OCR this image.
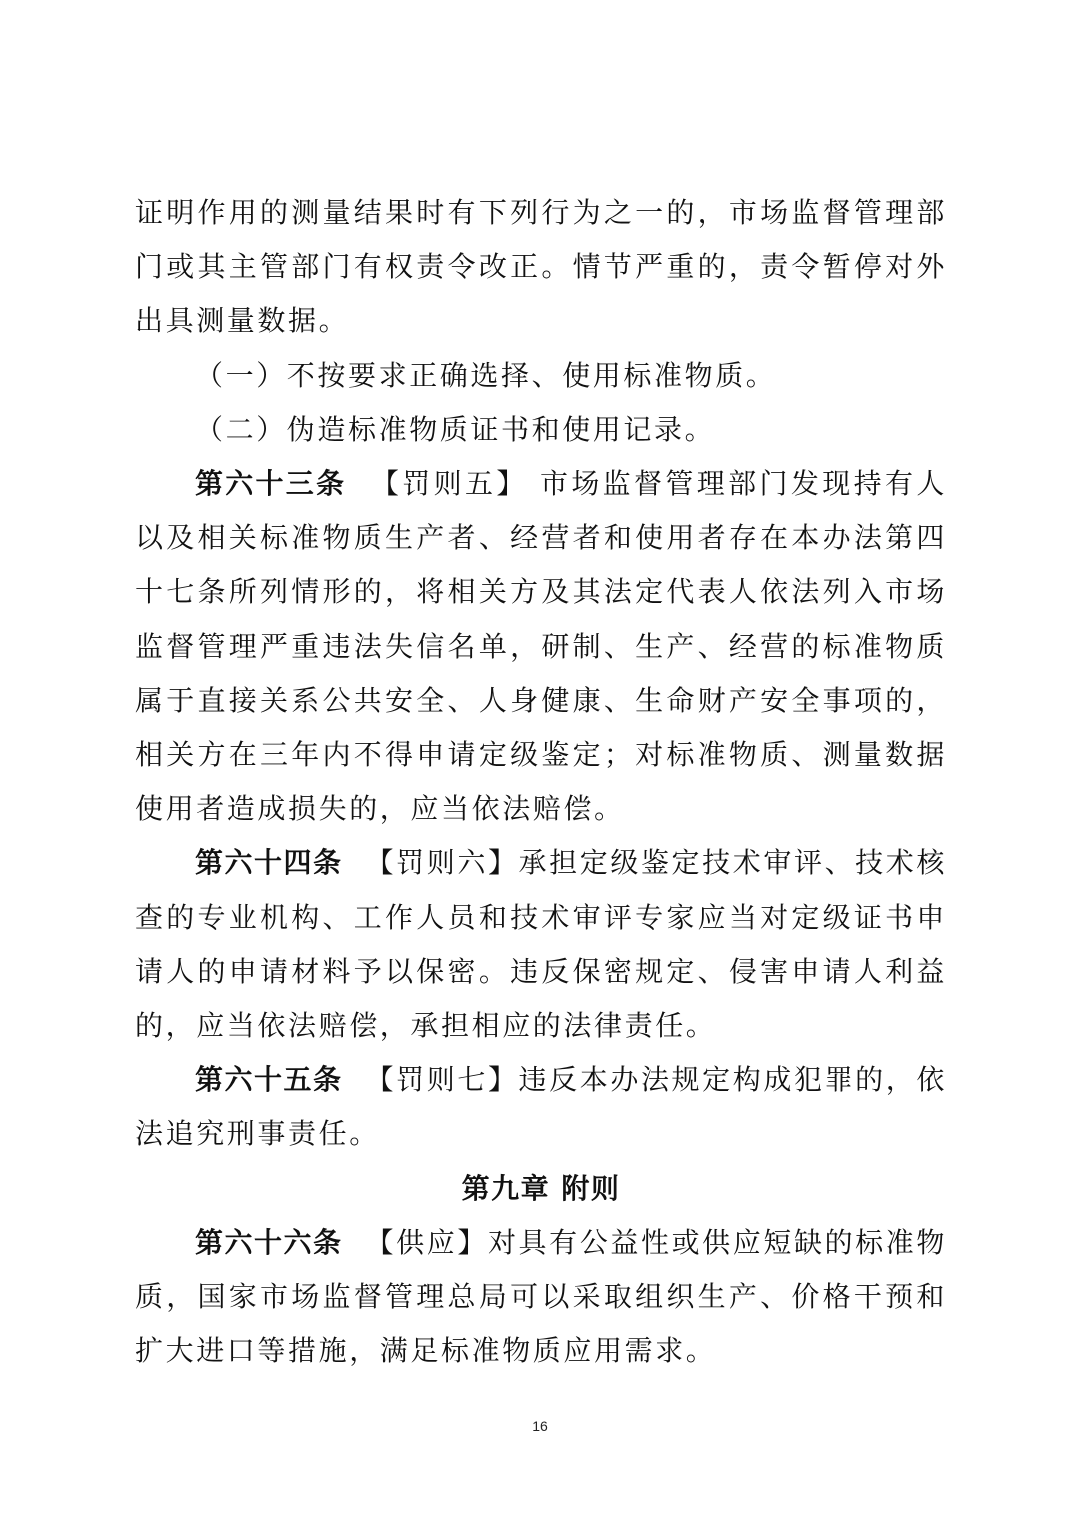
证明作用的测量结果时有下列行为之一的，市场监督管理部门或其主管部门有权责令改正。情节严重的，责令暂停对外出具测量数据。

（一）不按要求正确选择、使用标准物质。

（二）伪造标准物质证书和使用记录。

第六十三条 【罚则五】 市场监督管理部门发现持有人以及相关标准物质生产者、经营者和使用者存在本办法第四十七条所列情形的，将相关方及其法定代表人依法列入市场监督管理严重违法失信名单，研制、生产、经营的标准物质属于直接关系公共安全、人身健康、生命财产安全事项的，相关方在三年内不得申请定级鉴定；对标准物质、测量数据使用者造成损失的，应当依法赔偿。

第六十四条 【罚则六】承担定级鉴定技术审评、技术核查的专业机构、工作人员和技术审评专家应当对定级证书申请人的申请材料予以保密。违反保密规定、侵害申请人利益的，应当依法赔偿，承担相应的法律责任。

第六十五条 【罚则七】违反本办法规定构成犯罪的，依法追究刑事责任。

第九章 附则

第六十六条 【供应】对具有公益性或供应短缺的标准物质，国家市场监督管理总局可以采取组织生产、价格干预和扩大进口等措施，满足标准物质应用需求。

16
